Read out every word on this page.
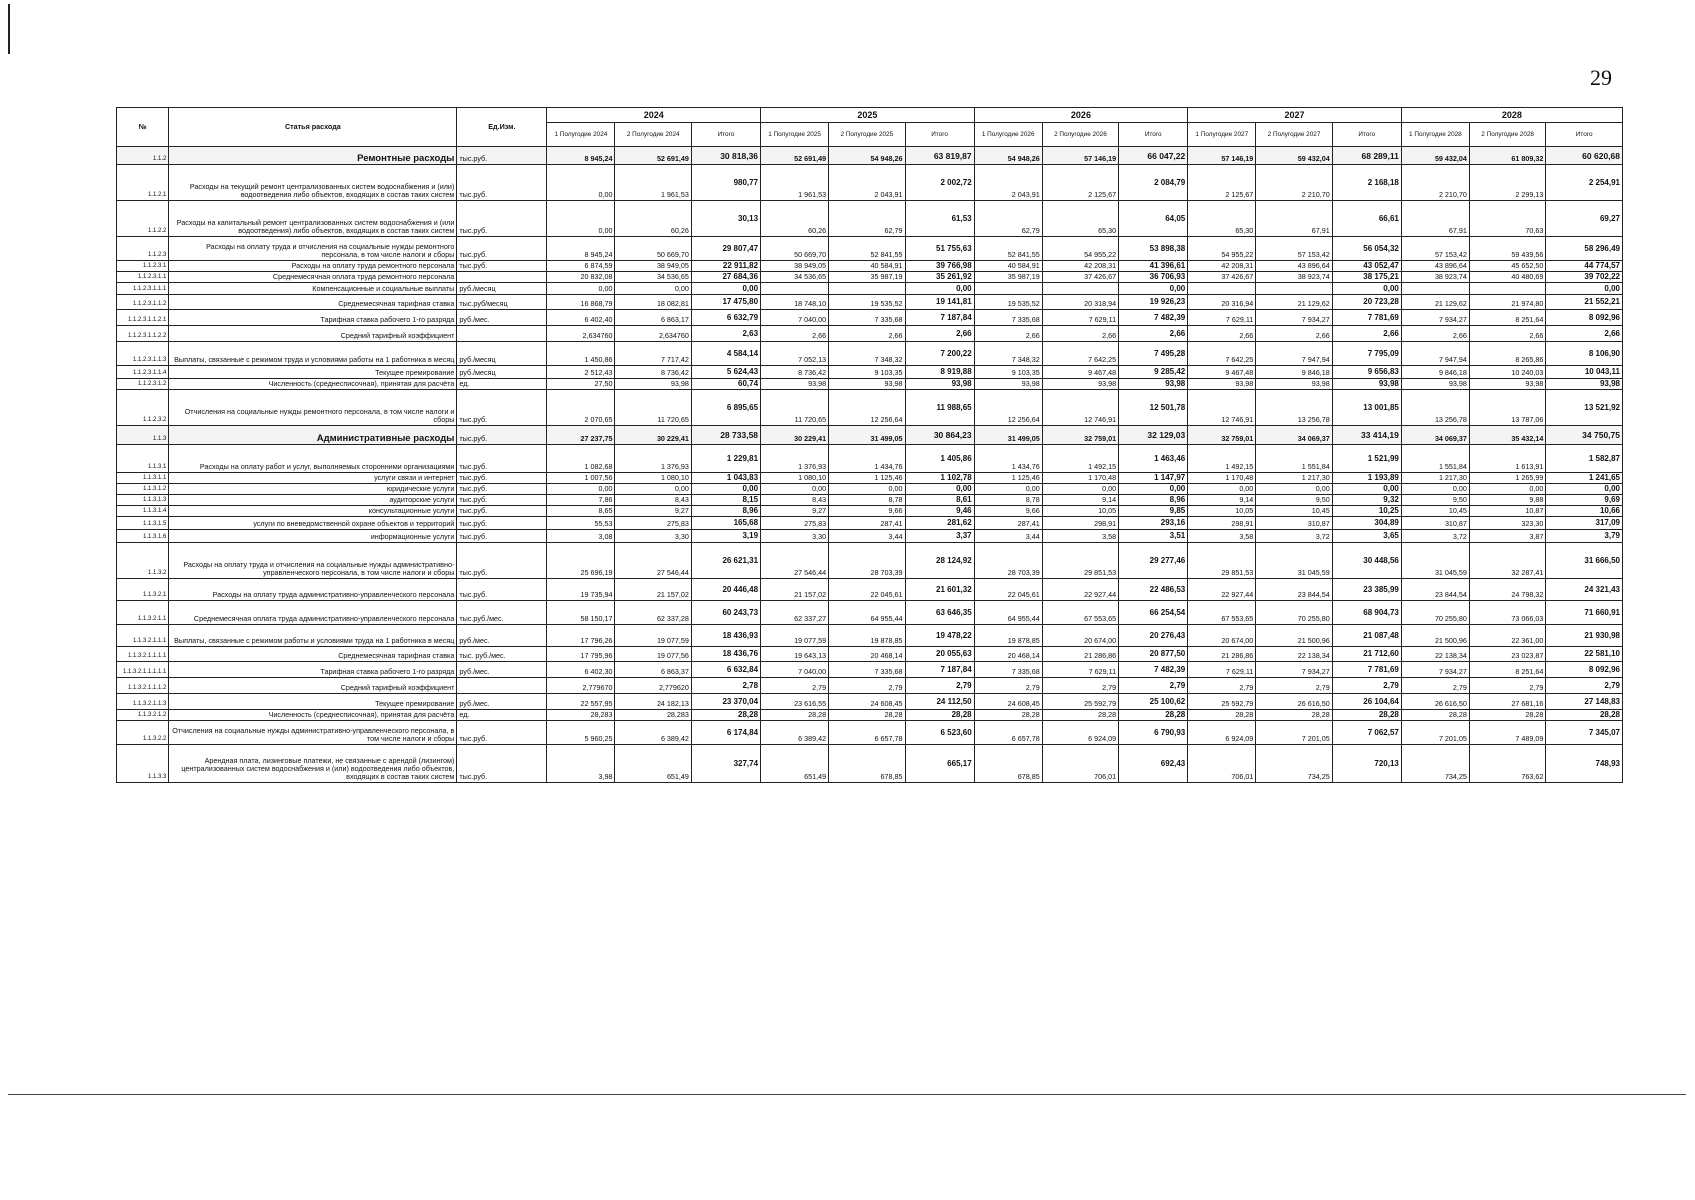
29
№	Статья расхода	Ед.Изм.	2024			2025			2026			2027			2028		
			1 Полугодие 2024	2 Полугодие 2024	Итого	1 Полугодие 2025	2 Полугодие 2025	Итого	1 Полугодие 2026	2 Полугодие 2026	Итого	1 Полугодие 2027	2 Полугодие 2027	Итого	1 Полугодие 2028	2 Полугодие 2028	Итого
1.1.2	Ремонтные расходы	тыс.руб.	8 945,24	52 691,49	30 818,36	52 691,49	54 948,26	63 819,87	54 948,26	57 146,19	66 047,22	57 146,19	59 432,04	68 289,11	59 432,04	61 809,32	60 620,68
1.1.2.1	Расходы на текущий ремонт централизованных систем водоснабжения и (или) водоотведения либо объектов, входящих в состав таких систем	тыс.руб.	0,00	1 961,53	980,77	1 961,53	2 043,91	2 002,72	2 043,91	2 125,67	2 084,79	2 125,67	2 210,70	2 168,18	2 210,70	2 299,13	2 254,91
1.1.2.2	Расходы на капитальный ремонт централизованных систем водоснабжения и (или водоотведения) либо объектов, входящих в состав таких систем	тыс.руб.	0,00	60,26	30,13	60,26	62,79	61,53	62,79	65,30	64,05	65,30	67,91	66,61	67,91	70,63	69,27
1.1.2.3	Расходы на оплату труда и отчисления на социальные нужды ремонтного персонала, в том числе налоги и сборы	тыс.руб.	8 945,24	50 669,70	29 807,47	50 669,70	52 841,55	51 755,63	52 841,55	54 955,22	53 898,38	54 955,22	57 153,42	56 054,32	57 153,42	59 439,56	58 296,49
1.1.2.3.1	Расходы на оплату труда ремонтного персонала	тыс.руб.	6 874,59	38 949,05	22 911,82	38 949,05	40 584,91	39 766,98	40 584,91	42 208,31	41 396,61	42 208,31	43 896,64	43 052,47	43 896,64	45 652,50	44 774,57
1.1.2.3.1.1	Среднемесячная оплата труда ремонтного персонала		20 832,08	34 536,65	27 684,36	34 536,65	35 987,19	35 261,92	35 987,19	37 426,67	36 706,93	37 426,67	38 923,74	38 175,21	38 923,74	40 480,69	39 702,22
1.1.2.3.1.1.1	Компенсационные и социальные выплаты	руб./месяц	0,00	0,00	0,00			0,00			0,00			0,00			0,00
1.1.2.3.1.1.2	Среднемесячная тарифная ставка	тыс.руб/месяц	16 868,79	18 082,81	17 475,80	18 748,10	19 535,52	19 141,81	19 535,52	20 318,94	19 926,23	20 316,94	21 129,62	20 723,28	21 129,62	21 974,80	21 552,21
1.1.2.3.1.1.2.1	Тарифная ставка рабочего 1-го разряда	руб./мес.	6 402,40	6 863,17	6 632,79	7 040,00	7 335,68	7 187,84	7 335,68	7 629,11	7 482,39	7 629,11	7 934,27	7 781,69	7 934,27	8 251,64	8 092,96
1.1.2.3.1.1.2.2	Средний тарифный коэффициент		2,634760	2,634760	2,63	2,66	2,66	2,66	2,66	2,66	2,66	2,66	2,66	2,66	2,66	2,66	2,66
1.1.2.3.1.1.3	Выплаты, связанные с режимом труда и условиями работы на 1 работника в месяц	руб./месяц	1 450,86	7 717,42	4 584,14	7 052,13	7 348,32	7 200,22	7 348,32	7 642,25	7 495,28	7 642,25	7 947,94	7 795,09	7 947,94	8 265,86	8 106,90
1.1.2.3.1.1.4	Текущее премирование	руб./месяц	2 512,43	8 736,42	5 624,43	8 736,42	9 103,35	8 919,88	9 103,35	9 467,48	9 285,42	9 467,48	9 846,18	9 656,83	9 846,18	10 240,03	10 043,11
1.1.2.3.1.2	Численность (среднесписочная), принятая для расчёта	ед.	27,50	93,98	60,74	93,98	93,98	93,98	93,98	93,98	93,98	93,98	93,98	93,98	93,98	93,98	93,98
1.1.2.3.2	Отчисления на социальные нужды ремонтного персонала, в том числе налоги и сборы	тыс.руб.	2 070,65	11 720,65	6 895,65	11 720,65	12 256,64	11 988,65	12 256,64	12 746,91	12 501,78	12 746,91	13 256,78	13 001,85	13 256,78	13 787,06	13 521,92
1.1.3	Административные расходы	тыс.руб.	27 237,75	30 229,41	28 733,58	30 229,41	31 499,05	30 864,23	31 499,05	32 759,01	32 129,03	32 759,01	34 069,37	33 414,19	34 069,37	35 432,14	34 750,75
1.1.3.1	Расходы на оплату работ и услуг, выполняемых сторонними организациями	тыс.руб.	1 082,68	1 376,93	1 229,81	1 376,93	1 434,76	1 405,86	1 434,76	1 492,15	1 463,46	1 492,15	1 551,84	1 521,99	1 551,84	1 613,91	1 582,87
1.1.3.1.1	услуги связи и интернет	тыс.руб.	1 007,56	1 080,10	1 043,83	1 080,10	1 125,46	1 102,78	1 125,46	1 170,48	1 147,97	1 170,48	1 217,30	1 193,89	1 217,30	1 265,99	1 241,65
1.1.3.1.2	юридические услуги	тыс.руб.	0,00	0,00	0,00	0,00	0,00	0,00	0,00	0,00	0,00	0,00	0,00	0,00	0,00	0,00	0,00
1.1.3.1.3	аудиторские услуги	тыс.руб.	7,86	8,43	8,15	8,43	8,78	8,61	8,78	9,14	8,96	9,14	9,50	9,32	9,50	9,88	9,69
1.1.3.1.4	консультационные услуги	тыс.руб.	8,65	9,27	8,96	9,27	9,66	9,46	9,66	10,05	9,85	10,05	10,45	10,25	10,45	10,87	10,66
1.1.3.1.5	услуги по вневедомственной охране объектов и территорий	тыс.руб.	55,53	275,83	165,68	275,83	287,41	281,62	287,41	298,91	293,16	298,91	310,87	304,89	310,87	323,30	317,09
1.1.3.1.6	информационные услуги	тыс.руб.	3,08	3,30	3,19	3,30	3,44	3,37	3,44	3,58	3,51	3,58	3,72	3,65	3,72	3,87	3,79
1.1.3.2	Расходы на оплату труда и отчисления на социальные нужды административно-управленческого персонала, в том числе налоги и сборы	тыс.руб.	25 696,19	27 546,44	26 621,31	27 546,44	28 703,39	28 124,92	28 703,39	29 851,53	29 277,46	29 851,53	31 045,59	30 448,56	31 045,59	32 287,41	31 666,50
1.1.3.2.1	Расходы на оплату труда административно-управленческого персонала	тыс.руб.	19 735,94	21 157,02	20 446,48	21 157,02	22 045,61	21 601,32	22 045,61	22 927,44	22 486,53	22 927,44	23 844,54	23 385,99	23 844,54	24 798,32	24 321,43
1.1.3.2.1.1	Среднемесячная оплата труда административно-управленческого персонала	тыс.руб./мес.	58 150,17	62 337,28	60 243,73	62 337,27	64 955,44	63 646,35	64 955,44	67 553,65	66 254,54	67 553,65	70 255,80	68 904,73	70 255,80	73 066,03	71 660,91
1.1.3.2.1.1.1	Выплаты, связанные с режимом работы и условиями труда на 1 работника в месяц	руб./мес.	17 796,26	19 077,59	18 436,93	19 077,59	19 878,85	19 478,22	19 878,85	20 674,00	20 276,43	20 674,00	21 500,96	21 087,48	21 500,96	22 361,00	21 930,98
1.1.3.2.1.1.1.1	Среднемесячная тарифная ставка	тыс. руб./мес.	17 795,96	19 077,56	18 436,76	19 643,13	20 468,14	20 055,63	20 468,14	21 286,86	20 877,50	21 286,86	22 138,34	21 712,60	22 138,34	23 023,87	22 581,10
1.1.3.2.1.1.1.1.1	Тарифная ставка рабочего 1-го разряда	руб./мес.	6 402,30	6 863,37	6 632,84	7 040,00	7 335,68	7 187,84	7 335,68	7 629,11	7 482,39	7 629,11	7 934,27	7 781,69	7 934,27	8 251,64	8 092,96
1.1.3.2.1.1.1.2	Средний тарифный коэффициент		2,779670	2,779620	2,78	2,79	2,79	2,79	2,79	2,79	2,79	2,79	2,79	2,79	2,79	2,79	2,79
1.1.3.2.1.1.3	Текущее премирование	руб./мес.	22 557,95	24 182,13	23 370,04	23 616,55	24 608,45	24 112,50	24 608,45	25 592,79	25 100,62	25 592,79	26 616,50	26 104,64	26 616,50	27 681,16	27 148,83
1.1.3.2.1.2	Численность (среднесписочная), принятая для расчёта	ед.	28,283	28,283	28,28	28,28	28,28	28,28	28,28	28,28	28,28	28,28	28,28	28,28	28,28	28,28	28,28
1.1.3.2.2	Отчисления на социальные нужды административно-управленческого персонала, в том числе налоги и сборы	тыс.руб.	5 960,25	6 389,42	6 174,84	6 389,42	6 657,78	6 523,60	6 657,78	6 924,09	6 790,93	6 924,09	7 201,05	7 062,57	7 201,05	7 489,09	7 345,07
1.1.3.3	Арендная плата, лизинговые платежи, не связанные с арендой (лизингом) централизованных систем водоснабжения и (или) водоотведения либо объектов, входящих в состав таких систем	тыс.руб.	3,98	651,49	327,74	651,49	678,85	665,17	678,85	706,01	692,43	706,01	734,25	720,13	734,25	763,62	748,93
